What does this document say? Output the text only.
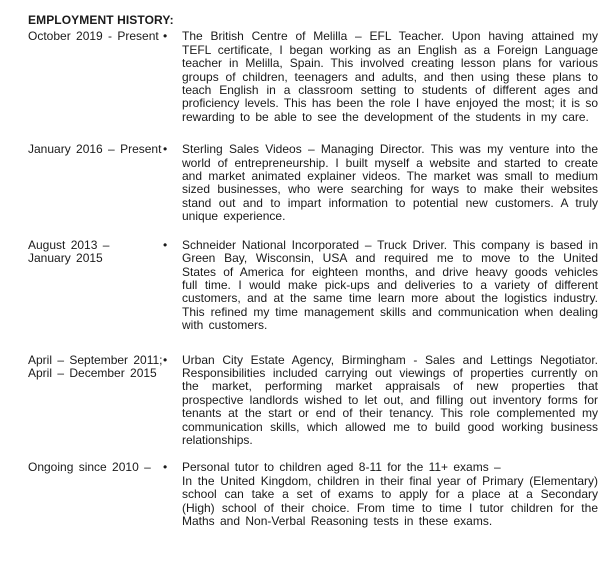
EMPLOYMENT HISTORY:
October 2019 - Present •	The British Centre of Melilla – EFL Teacher. Upon having attained my TEFL certificate, I began working as an English as a Foreign Language teacher in Melilla, Spain. This involved creating lesson plans for various groups of children, teenagers and adults, and then using these plans to teach English in a classroom setting to students of different ages and proficiency levels. This has been the role I have enjoyed the most; it is so rewarding to be able to see the development of the students in my care.
January 2016 – Present •	Sterling Sales Videos – Managing Director. This was my venture into the world of entrepreneurship. I built myself a website and started to create and market animated explainer videos. The market was small to medium sized businesses, who were searching for ways to make their websites stand out and to impart information to potential new customers. A truly unique experience.
August 2013 –
January 2015
•	Schneider National Incorporated – Truck Driver. This company is based in Green Bay, Wisconsin, USA and required me to move to the United States of America for eighteen months, and drive heavy goods vehicles full time. I would make pick-ups and deliveries to a variety of different customers, and at the same time learn more about the logistics industry. This refined my time management skills and communication when dealing with customers.
April – September 2011;
April – December 2015
•	Urban City Estate Agency, Birmingham - Sales and Lettings Negotiator. Responsibilities included carrying out viewings of properties currently on the market, performing market appraisals of new properties that prospective landlords wished to let out, and filling out inventory forms for tenants at the start or end of their tenancy. This role complemented my communication skills, which allowed me to build good working business relationships.
Ongoing since 2010 –	•	Personal tutor to children aged 8-11 for the 11+ exams –
In the United Kingdom, children in their final year of Primary (Elementary) school can take a set of exams to apply for a place at a Secondary (High) school of their choice. From time to time I tutor children for the Maths and Non-Verbal Reasoning tests in these exams.
